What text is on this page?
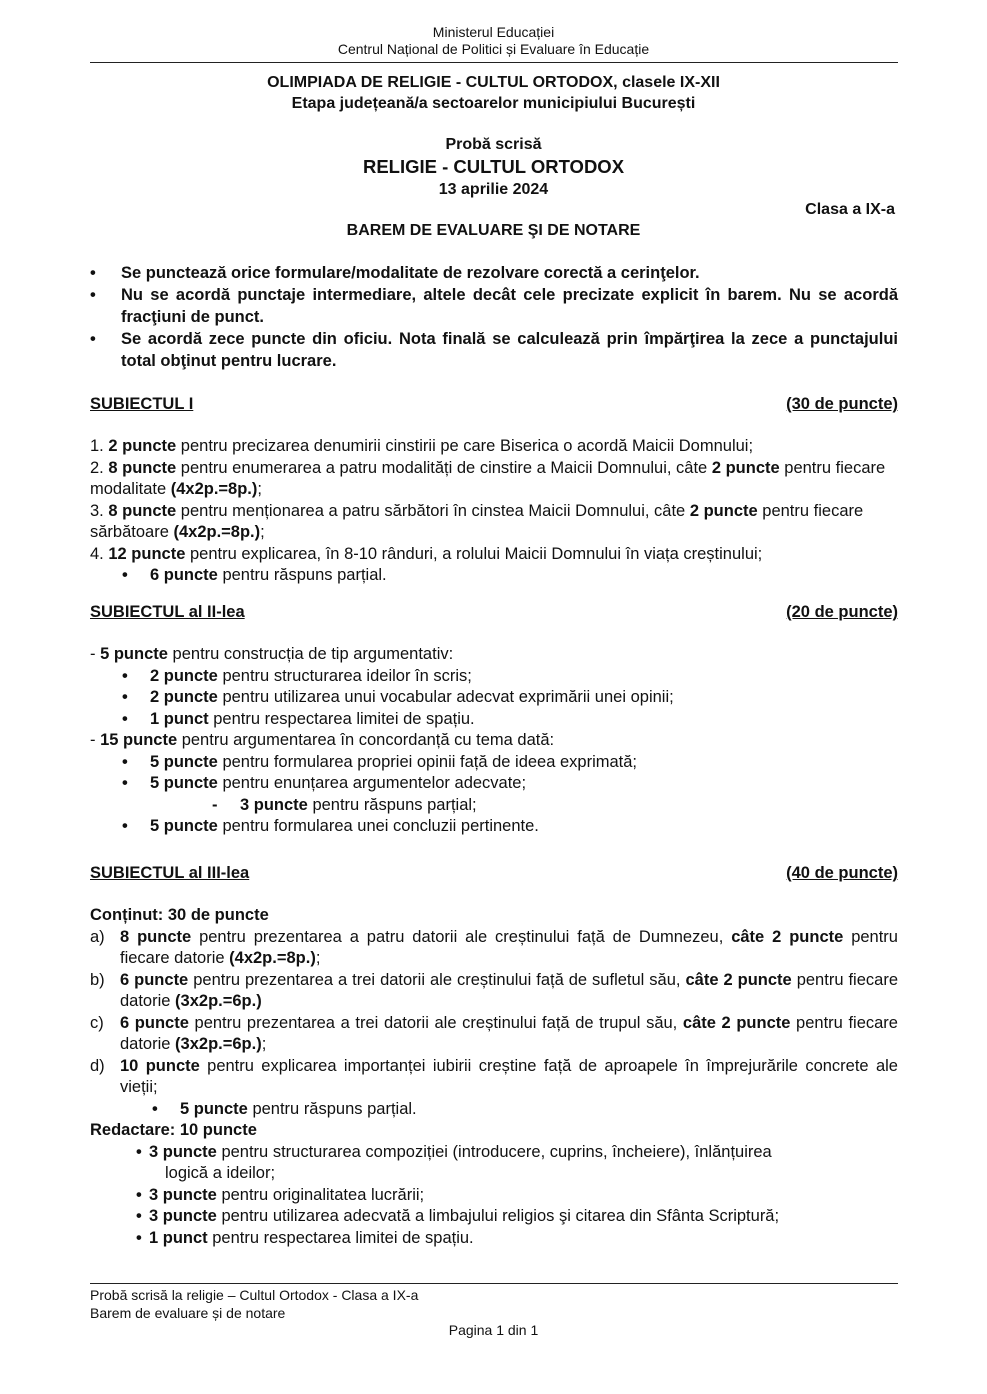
Ministerul Educației
Centrul Național de Politici și Evaluare în Educație
OLIMPIADA DE RELIGIE - CULTUL ORTODOX, clasele IX-XII
Etapa județeană/a sectoarelor municipiului București
Probă scrisă
RELIGIE - CULTUL ORTODOX
13 aprilie 2024
Clasa a IX-a
BAREM DE EVALUARE ŞI DE NOTARE
• Se punctează orice formulare/modalitate de rezolvare corectă a cerinţelor.
• Nu se acordă punctaje intermediare, altele decât cele precizate explicit în barem. Nu se acordă fracţiuni de punct.
• Se acordă zece puncte din oficiu. Nota finală se calculează prin împărţirea la zece a punctajului total obţinut pentru lucrare.
SUBIECTUL I	(30 de puncte)

1. 2 puncte pentru precizarea denumirii cinstirii pe care Biserica o acordă Maicii Domnului;

2. 8 puncte pentru enumerarea a patru modalități de cinstire a Maicii Domnului, câte 2 puncte pentru fiecare modalitate (4x2p.=8p.);

3. 8 puncte pentru menționarea a patru sărbători în cinstea Maicii Domnului, câte 2 puncte pentru fiecare sărbătoare (4x2p.=8p.);

4. 12 puncte pentru explicarea, în 8-10 rânduri, a rolului Maicii Domnului în viața creștinului;

• 6 puncte pentru răspuns parțial.

SUBIECTUL al II-lea	(20 de puncte)

- 5 puncte pentru construcția de tip argumentativ:

• 2 puncte pentru structurarea ideilor în scris;

• 2 puncte pentru utilizarea unui vocabular adecvat exprimării unei opinii;

• 1 punct pentru respectarea limitei de spațiu.

- 15 puncte pentru argumentarea în concordanță cu tema dată:

• 5 puncte pentru formularea propriei opinii față de ideea exprimată;

• 5 puncte pentru enunțarea argumentelor adecvate;

- 3 puncte pentru răspuns parțial;

• 5 puncte pentru formularea unei concluzii pertinente.

SUBIECTUL al III-lea	(40 de puncte)

Conținut: 30 de puncte

a) 8 puncte pentru prezentarea a patru datorii ale creștinului față de Dumnezeu, câte 2 puncte pentru fiecare datorie (4x2p.=8p.);
b) 6 puncte pentru prezentarea a trei datorii ale creștinului față de sufletul său, câte 2 puncte pentru fiecare datorie (3x2p.=6p.)
c) 6 puncte pentru prezentarea a trei datorii ale creștinului față de trupul său, câte 2 puncte pentru fiecare datorie (3x2p.=6p.);
d) 10 puncte pentru explicarea importanței iubirii creștine față de aproapele în împrejurările concrete ale vieții;

• 5 puncte pentru răspuns parțial.

Redactare: 10 puncte

• 3 puncte pentru structurarea compoziției (introducere, cuprins, încheiere), înlănțuirea
logică a ideilor;

• 3 puncte pentru originalitatea lucrării;

• 3 puncte pentru utilizarea adecvată a limbajului religios şi citarea din Sfânta Scriptură;

• 1 punct pentru respectarea limitei de spațiu.

Probă scrisă la religie – Cultul Ortodox - Clasa a IX-a
Barem de evaluare și de notare
Pagina 1 din 1
